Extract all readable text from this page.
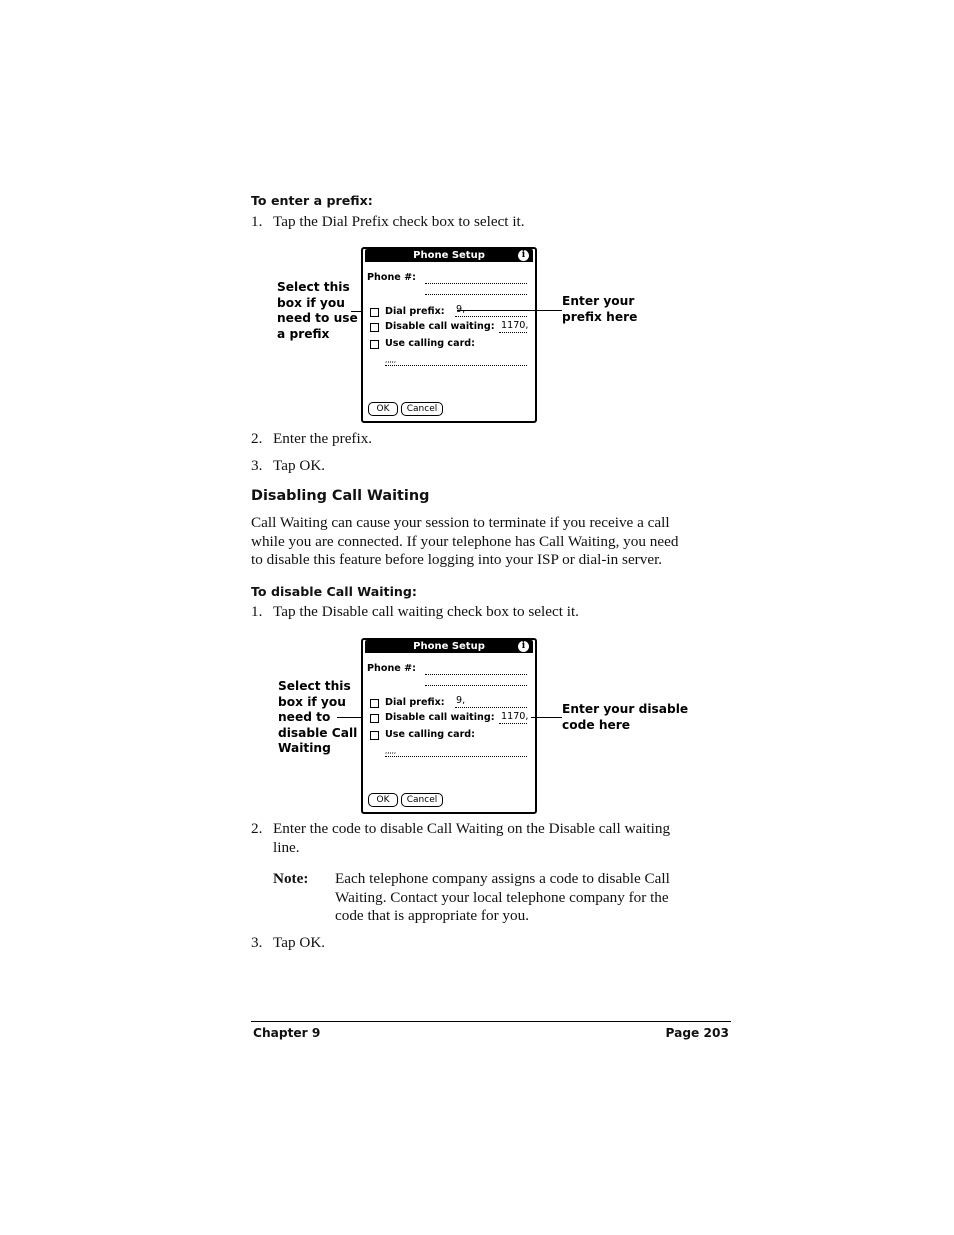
To enter a prefix:
1. Tap the Dial Prefix check box to select it.
Select this
box if you
need to use
a prefix
Phone Setup	i
Phone #:
Dial prefix: 9,
Disable call waiting: 1170,
Use calling card:
,,,,,
OK	Cancel
Enter your
prefix here
2. Enter the prefix.
3. Tap OK.
Disabling Call Waiting
Call Waiting can cause your session to terminate if you receive a call
while you are connected. If your telephone has Call Waiting, you need
to disable this feature before logging into your ISP or dial-in server.
To disable Call Waiting:
1. Tap the Disable call waiting check box to select it.
Select this
box if you
need to
disable Call
Waiting
Phone Setup	i
Phone #:
Dial prefix: 9,
Disable call waiting: 1170,
Use calling card:
,,,,,
OK	Cancel
Enter your disable
code here
2. Enter the code to disable Call Waiting on the Disable call waiting
line.
Note: Each telephone company assigns a code to disable Call
Waiting. Contact your local telephone company for the
code that is appropriate for you.
3. Tap OK.
Chapter 9	Page 203
